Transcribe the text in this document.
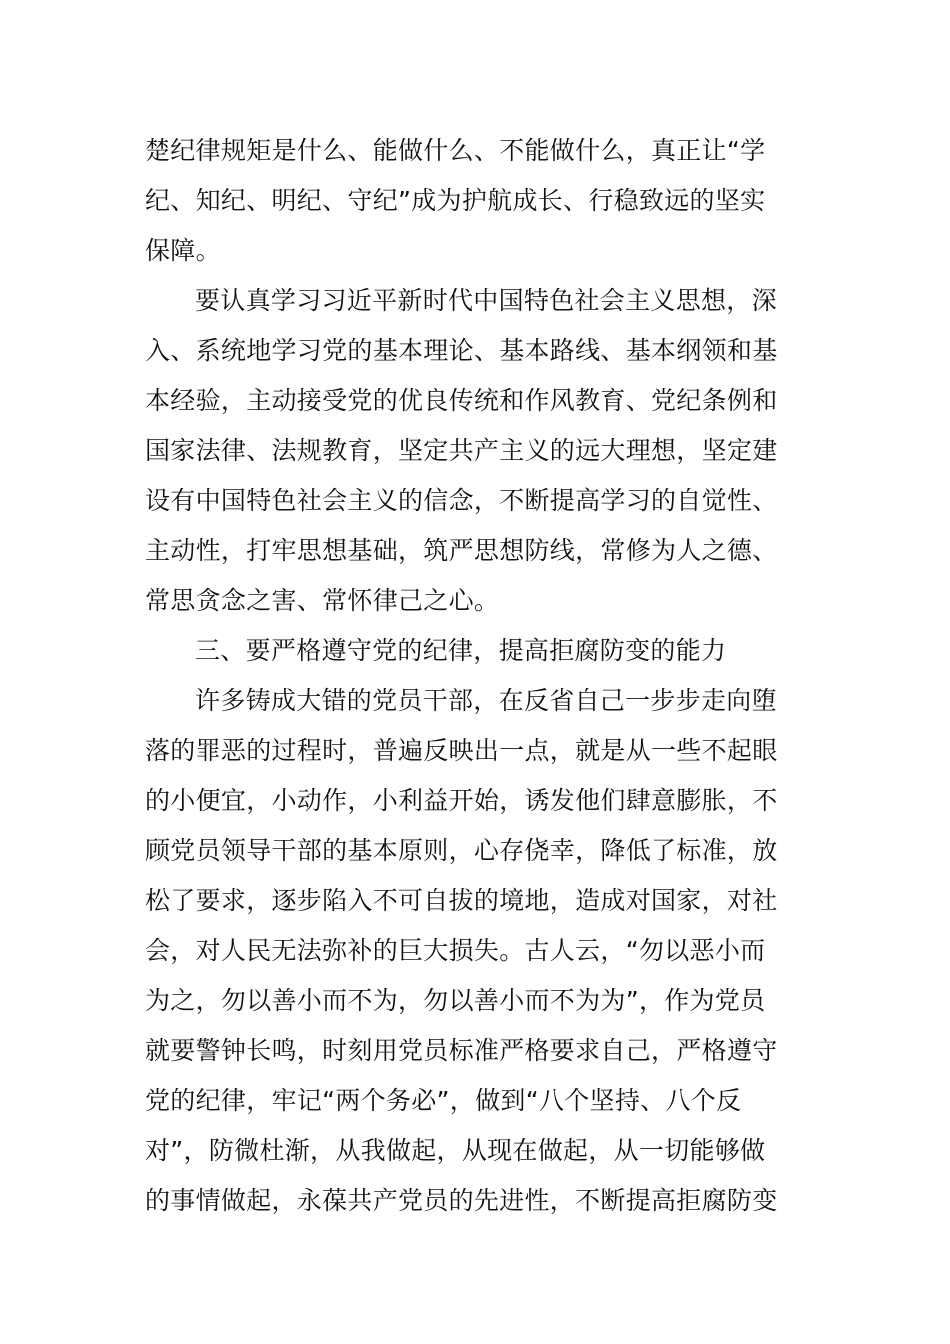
楚纪律规矩是什么、能做什么、不能做什么，真正让“学
纪、知纪、明纪、守纪”成为护航成长、行稳致远的坚实
保障。
要认真学习习近平新时代中国特色社会主义思想，深
入、系统地学习党的基本理论、基本路线、基本纲领和基
本经验，主动接受党的优良传统和作风教育、党纪条例和
国家法律、法规教育，坚定共产主义的远大理想，坚定建
设有中国特色社会主义的信念，不断提高学习的自觉性、
主动性，打牢思想基础，筑严思想防线，常修为人之德、
常思贪念之害、常怀律己之心。
三、要严格遵守党的纪律，提高拒腐防变的能力
许多铸成大错的党员干部，在反省自己一步步走向堕
落的罪恶的过程时，普遍反映出一点，就是从一些不起眼
的小便宜，小动作，小利益开始，诱发他们肆意膨胀，不
顾党员领导干部的基本原则，心存侥幸，降低了标准，放
松了要求，逐步陷入不可自拔的境地，造成对国家，对社
会，对人民无法弥补的巨大损失。古人云，“勿以恶小而
为之，勿以善小而不为，勿以善小而不为为”，作为党员
就要警钟长鸣，时刻用党员标准严格要求自己，严格遵守
党的纪律，牢记“两个务必”，做到“八个坚持、八个反
对”，防微杜渐，从我做起，从现在做起，从一切能够做
的事情做起，永葆共产党员的先进性，不断提高拒腐防变
